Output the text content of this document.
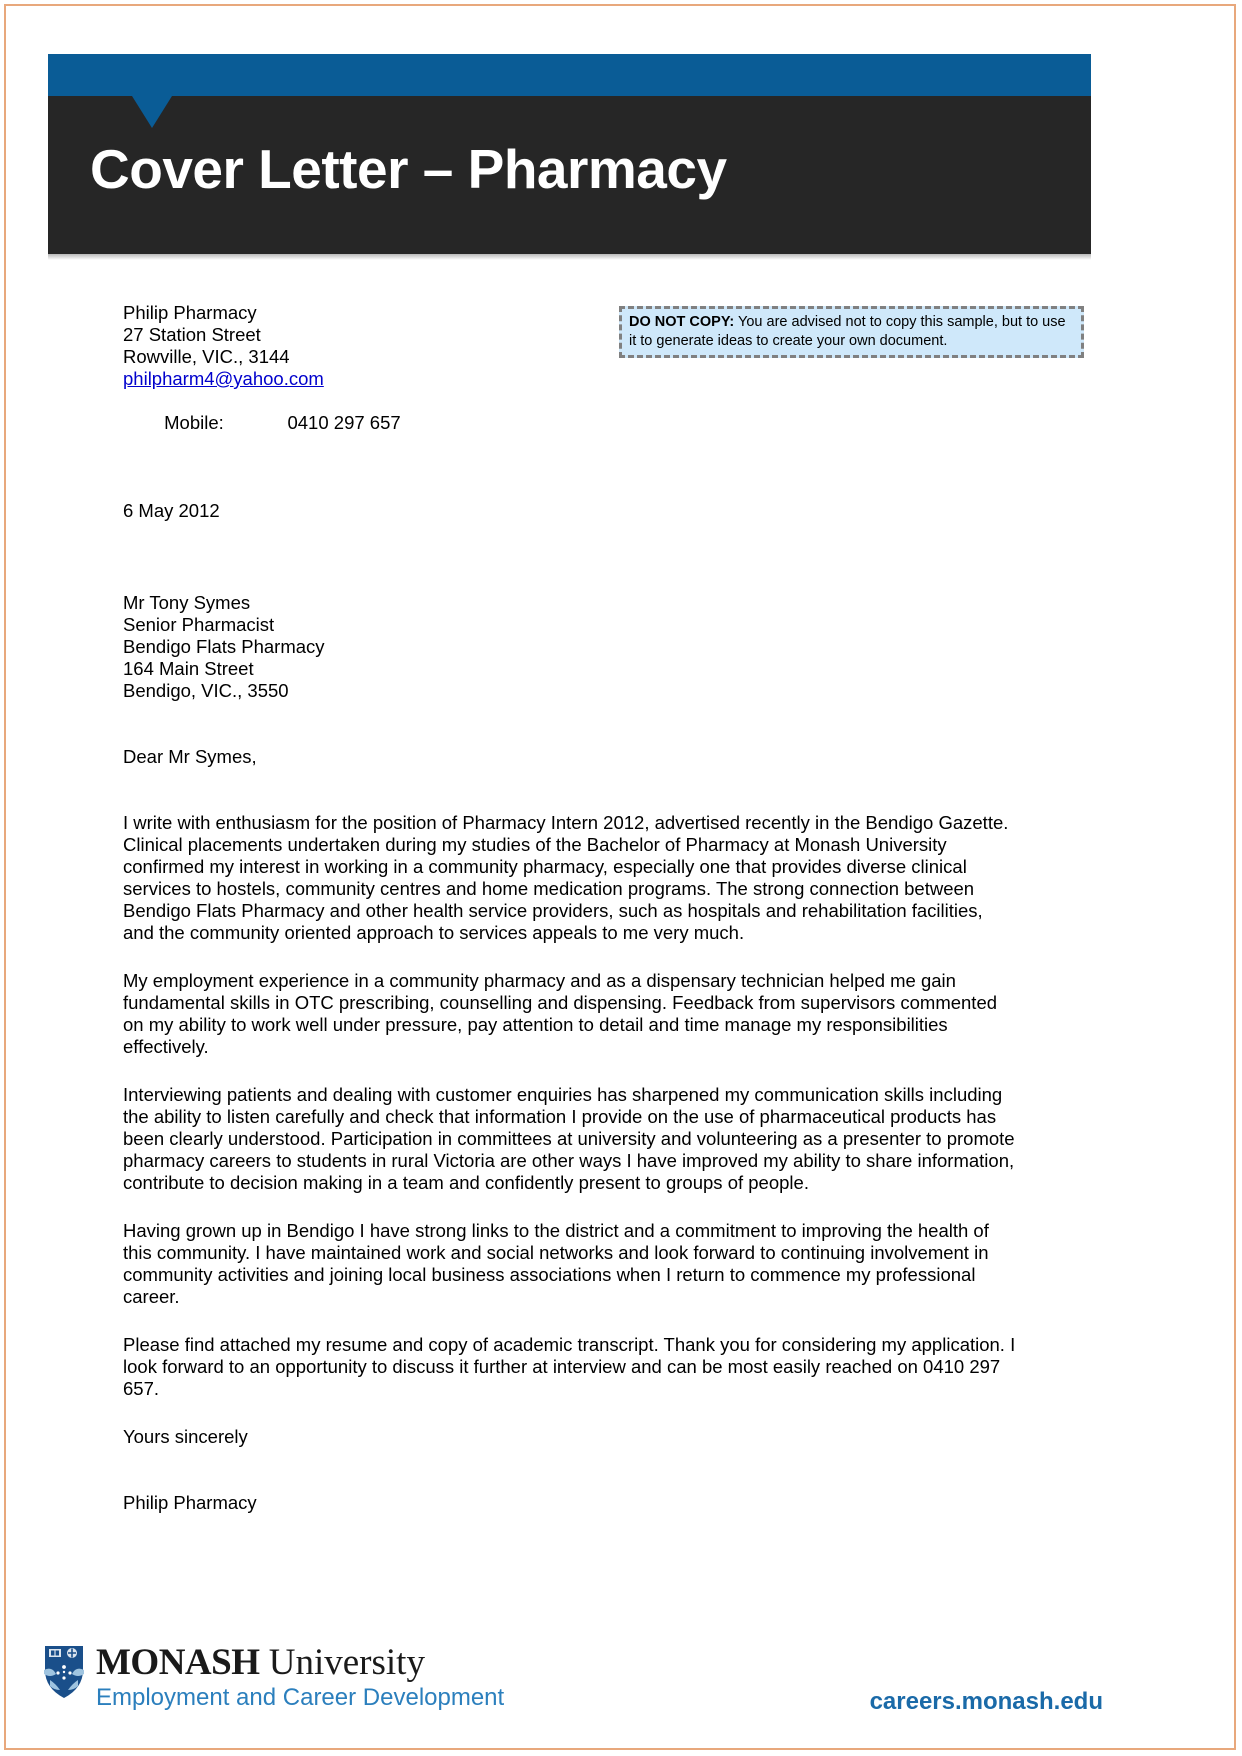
Cover Letter – Pharmacy
DO NOT COPY: You are advised not to copy this sample, but to use it to generate ideas to create your own document.
Philip Pharmacy
27 Station Street
Rowville, VIC., 3144
philpharm4@yahoo.com

Mobile:			0410 297 657

6 May 2012
Mr Tony Symes
Senior Pharmacist
Bendigo Flats Pharmacy
164 Main Street
Bendigo, VIC., 3550
Dear Mr Symes,

I write with enthusiasm for the position of Pharmacy Intern 2012, advertised recently in the Bendigo Gazette. Clinical placements undertaken during my studies of the Bachelor of Pharmacy at Monash University confirmed my interest in working in a community pharmacy, especially one that provides diverse clinical services to hostels, community centres and home medication programs. The strong connection between Bendigo Flats Pharmacy and other health service providers, such as hospitals and rehabilitation facilities, and the community oriented approach to services appeals to me very much.

My employment experience in a community pharmacy and as a dispensary technician helped me gain fundamental skills in OTC prescribing, counselling and dispensing. Feedback from supervisors commented on my ability to work well under pressure, pay attention to detail and time manage my responsibilities effectively.

Interviewing patients and dealing with customer enquiries has sharpened my communication skills including the ability to listen carefully and check that information I provide on the use of pharmaceutical products has been clearly understood. Participation in committees at university and volunteering as a presenter to promote pharmacy careers to students in rural Victoria are other ways I have improved my ability to share information, contribute to decision making in a team and confidently present to groups of people.

Having grown up in Bendigo I have strong links to the district and a commitment to improving the health of this community. I have maintained work and social networks and look forward to continuing involvement in community activities and joining local business associations when I return to commence my professional career.

Please find attached my resume and copy of academic transcript. Thank you for considering my application. I look forward to an opportunity to discuss it further at interview and can be most easily reached on 0410 297 657.

Yours sincerely
Philip Pharmacy
MONASH University
Employment and Career Development	careers.monash.edu
